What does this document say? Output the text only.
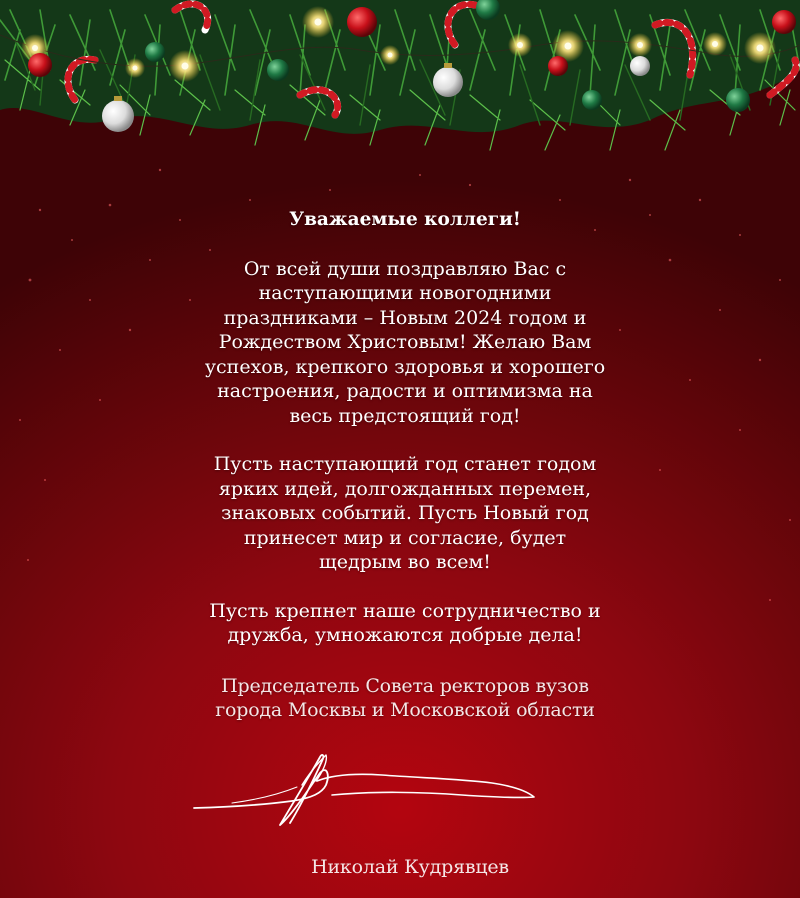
Уважаемые коллеги!

От всей души поздравляю Вас с
наступающими новогодними
праздниками – Новым 2024 годом и
Рождеством Христовым! Желаю Вам
успехов, крепкого здоровья и хорошего
настроения, радости и оптимизма на
весь предстоящий год!
Пусть наступающий год станет годом
ярких идей, долгожданных перемен,
знаковых событий. Пусть Новый год
принесет мир и согласие, будет
щедрым во всем!
Пусть крепнет наше сотрудничество и
дружба, умножаются добрые дела!
Председатель Совета ректоров вузов
города Москвы и Московской области
Николай Кудрявцев
